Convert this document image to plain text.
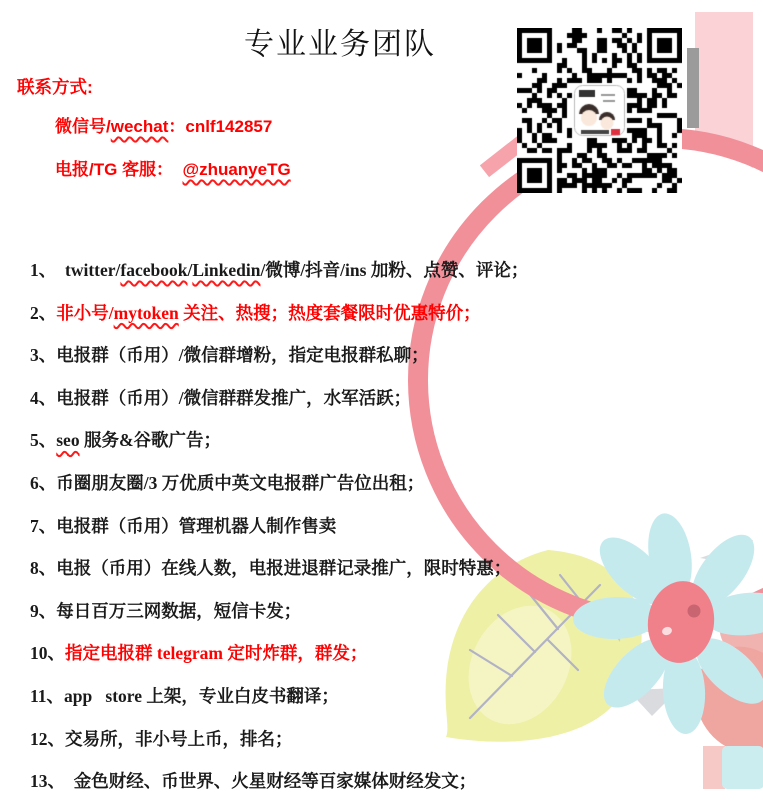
专业业务团队
联系方式:
微信号/wechat：cnlf142857
电报/TG 客服：  @zhuanyeTG
1、  twitter/facebook/Linkedin/微博/抖音/ins 加粉、点赞、评论；
2、非小号/mytoken 关注、热搜；热度套餐限时优惠特价；
3、电报群（币用）/微信群增粉，指定电报群私聊；
4、电报群（币用）/微信群群发推广，水军活跃；
5、seo 服务&谷歌广告；
6、币圈朋友圈/3 万优质中英文电报群广告位出租；
7、电报群（币用）管理机器人制作售卖
8、电报（币用）在线人数，电报进退群记录推广，限时特惠；
9、每日百万三网数据，短信卡发；
10、指定电报群 telegram 定时炸群，群发；
11、app   store 上架，专业白皮书翻译；
12、交易所，非小号上币，排名；
13、  金色财经、币世界、火星财经等百家媒体财经发文；
